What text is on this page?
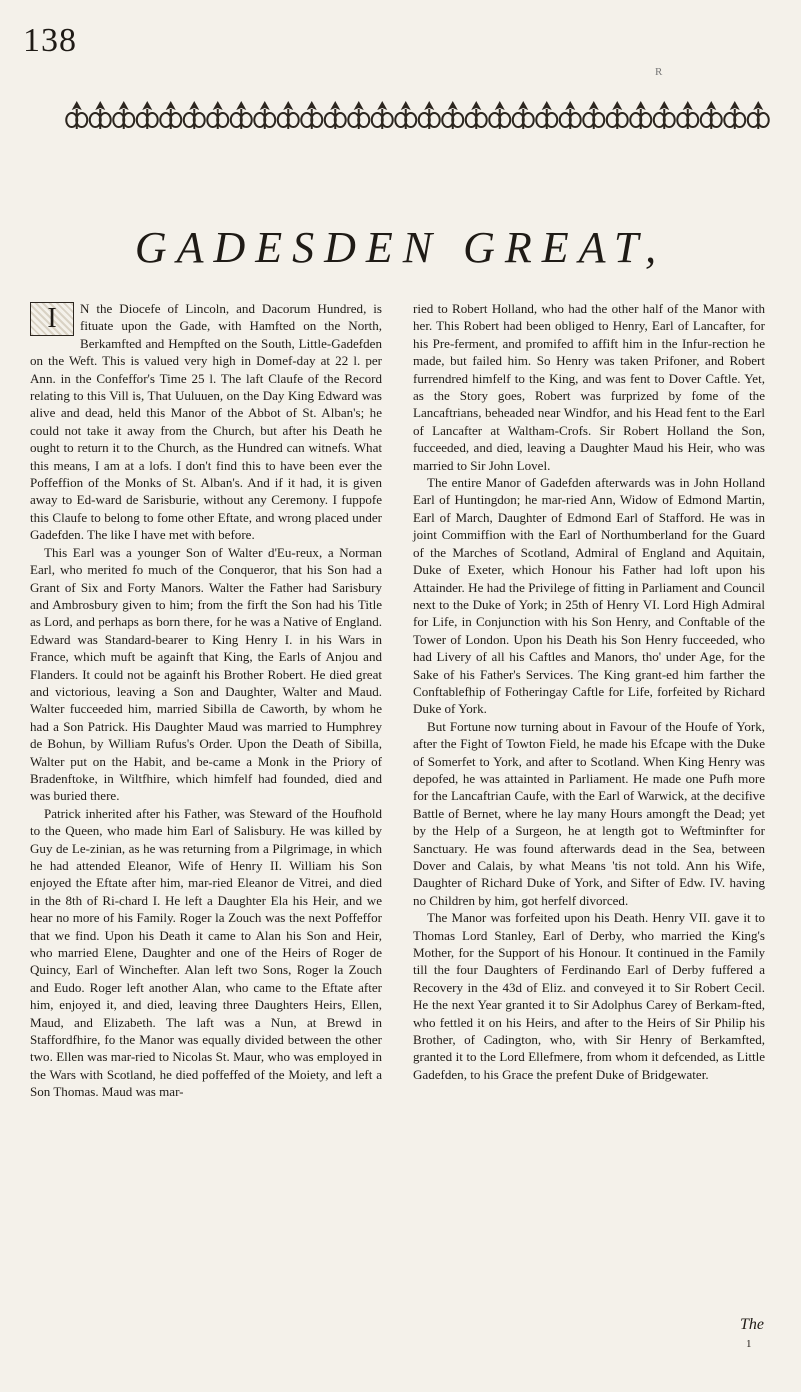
138
R
GADESDEN GREAT,

I	N the Diocefe of Lincoln, and Dacorum Hundred, is fituate upon the Gade, with Hamfted on the North, Berkamfted and Hempfted on the South, Little-Gadefden on the Weft. This is valued very high in Domef-day at 22 l. per Ann. in the Confeffor's Time 25 l. The laft Claufe of the Record relating to this Vill is, That Uuluuen, on the Day King Edward was alive and dead, held this Manor of the Abbot of St. Alban's; he could not take it away from the Church, but after his Death he ought to return it to the Church, as the Hundred can witnefs. What this means, I am at a lofs. I don't find this to have been ever the Poffeffion of the Monks of St. Alban's. And if it had, it is given away to Ed-ward de Sarisburie, without any Ceremony. I fuppofe this Claufe to belong to fome other Eftate, and wrong placed under Gadefden. The like I have met with before.

This Earl was a younger Son of Walter d'Eu-reux, a Norman Earl, who merited fo much of the Conqueror, that his Son had a Grant of Six and Forty Manors. Walter the Father had Sarisbury and Ambrosbury given to him; from the firft the Son had his Title as Lord, and perhaps as born there, for he was a Native of England. Edward was Standard-bearer to King Henry I. in his Wars in France, which muft be againft that King, the Earls of Anjou and Flanders. It could not be againft his Brother Robert. He died great and victorious, leaving a Son and Daughter, Walter and Maud. Walter fucceeded him, married Sibilla de Caworth, by whom he had a Son Patrick. His Daughter Maud was married to Humphrey de Bohun, by William Rufus's Order. Upon the Death of Sibilla, Walter put on the Habit, and be-came a Monk in the Priory of Bradenftoke, in Wiltfhire, which himfelf had founded, died and was buried there.

Patrick inherited after his Father, was Steward of the Houfhold to the Queen, who made him Earl of Salisbury. He was killed by Guy de Le-zinian, as he was returning from a Pilgrimage, in which he had attended Eleanor, Wife of Henry II. William his Son enjoyed the Eftate after him, mar-ried Eleanor de Vitrei, and died in the 8th of Ri-chard I. He left a Daughter Ela his Heir, and we hear no more of his Family. Roger la Zouch was the next Poffeffor that we find. Upon his Death it came to Alan his Son and Heir, who married Elene, Daughter and one of the Heirs of Roger de Quincy, Earl of Winchefter. Alan left two Sons, Roger la Zouch and Eudo. Roger left another Alan, who came to the Eftate after him, enjoyed it, and died, leaving three Daughters Heirs, Ellen, Maud, and Elizabeth. The laft was a Nun, at Brewd in Staffordfhire, fo the Manor was equally divided between the other two. Ellen was mar-ried to Nicolas St. Maur, who was employed in the Wars with Scotland, he died poffeffed of the Moiety, and left a Son Thomas. Maud was mar-

ried to Robert Holland, who had the other half of the Manor with her. This Robert had been obliged to Henry, Earl of Lancafter, for his Pre-ferment, and promifed to affift him in the Infur-rection he made, but failed him. So Henry was taken Prifoner, and Robert furrendred himfelf to the King, and was fent to Dover Caftle. Yet, as the Story goes, Robert was furprized by fome of the Lancaftrians, beheaded near Windfor, and his Head fent to the Earl of Lancafter at Waltham-Crofs. Sir Robert Holland the Son, fucceeded, and died, leaving a Daughter Maud his Heir, who was married to Sir John Lovel.

The entire Manor of Gadefden afterwards was in John Holland Earl of Huntingdon; he mar-ried Ann, Widow of Edmond Martin, Earl of March, Daughter of Edmond Earl of Stafford. He was in joint Commiffion with the Earl of Northumberland for the Guard of the Marches of Scotland, Admiral of England and Aquitain, Duke of Exeter, which Honour his Father had loft upon his Attainder. He had the Privilege of fitting in Parliament and Council next to the Duke of York; in 25th of Henry VI. Lord High Admiral for Life, in Conjunction with his Son Henry, and Conftable of the Tower of London. Upon his Death his Son Henry fucceeded, who had Livery of all his Caftles and Manors, tho' under Age, for the Sake of his Father's Services. The King grant-ed him farther the Conftablefhip of Fotheringay Caftle for Life, forfeited by Richard Duke of York.

But Fortune now turning about in Favour of the Houfe of York, after the Fight of Towton Field, he made his Efcape with the Duke of Somerfet to York, and after to Scotland. When King Henry was depofed, he was attainted in Parliament. He made one Pufh more for the Lancaftrian Caufe, with the Earl of Warwick, at the decifive Battle of Bernet, where he lay many Hours amongft the Dead; yet by the Help of a Surgeon, he at length got to Weftminfter for Sanctuary. He was found afterwards dead in the Sea, between Dover and Calais, by what Means 'tis not told. Ann his Wife, Daughter of Richard Duke of York, and Sifter of Edw. IV. having no Children by him, got herfelf divorced.

The Manor was forfeited upon his Death. Henry VII. gave it to Thomas Lord Stanley, Earl of Derby, who married the King's Mother, for the Support of his Honour. It continued in the Family till the four Daughters of Ferdinando Earl of Derby fuffered a Recovery in the 43d of Eliz. and conveyed it to Sir Robert Cecil. He the next Year granted it to Sir Adolphus Carey of Berkam-fted, who fettled it on his Heirs, and after to the Heirs of Sir Philip his Brother, of Cadington, who, with Sir Henry of Berkamfted, granted it to the Lord Ellefmere, from whom it defcended, as Little Gadefden, to his Grace the prefent Duke of Bridgewater.

The
1
